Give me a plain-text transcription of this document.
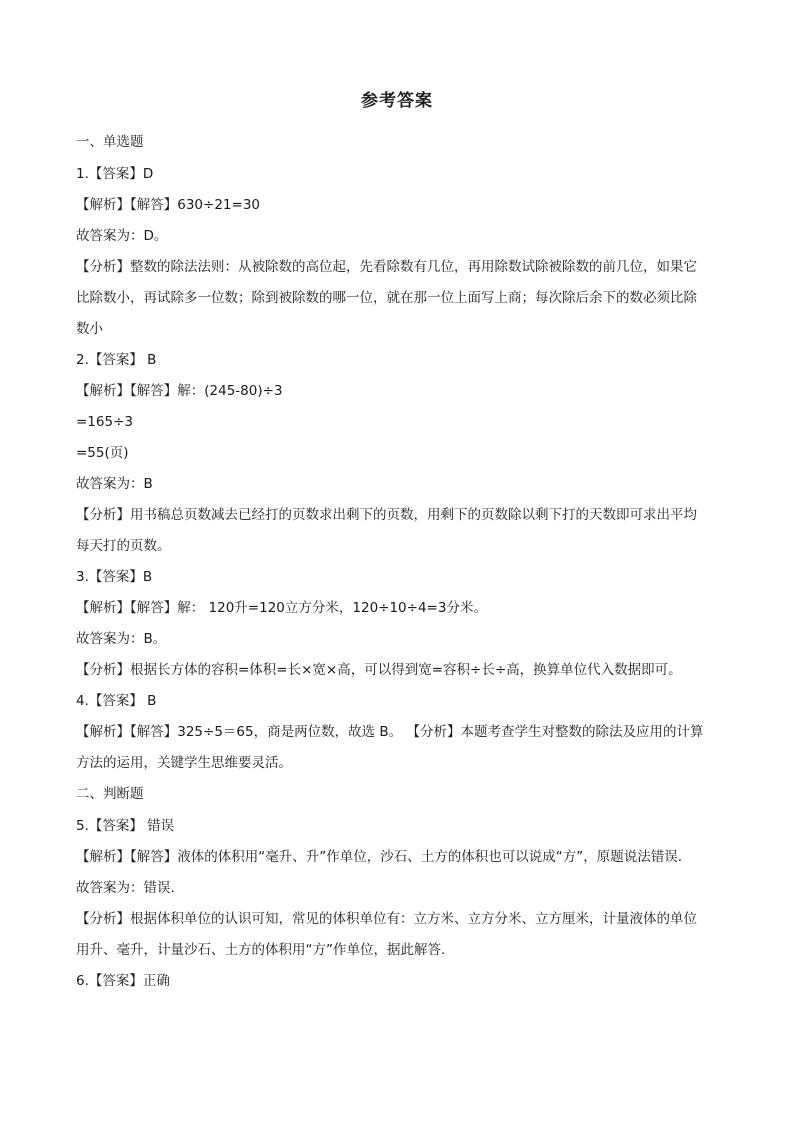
参考答案
一、单选题
1.【答案】D
【解析】【解答】630÷21=30
故答案为：D。
【分析】整数的除法法则：从被除数的高位起，先看除数有几位，再用除数试除被除数的前几位，如果它
比除数小，再试除多一位数；除到被除数的哪一位，就在那一位上面写上商；每次除后余下的数必须比除
数小
2.【答案】 B
【解析】【解答】解：(245-80)÷3
=165÷3
=55(页)
故答案为：B
【分析】用书稿总页数减去已经打的页数求出剩下的页数，用剩下的页数除以剩下打的天数即可求出平均
每天打的页数。
3.【答案】B
【解析】【解答】解： 120升=120立方分米，120÷10÷4=3分米。
故答案为：B。
【分析】根据长方体的容积=体积=长×宽×高，可以得到宽=容积÷长÷高，换算单位代入数据即可。
4.【答案】 B
【解析】【解答】325÷5＝65，商是两位数，故选 B。 【分析】本题考查学生对整数的除法及应用的计算
方法的运用，关键学生思维要灵活。
二、判断题
5.【答案】 错误
【解析】【解答】液体的体积用“毫升、升”作单位，沙石、土方的体积也可以说成“方”，原题说法错误.
故答案为：错误.
【分析】根据体积单位的认识可知，常见的体积单位有：立方米、立方分米、立方厘米，计量液体的单位
用升、毫升，计量沙石、土方的体积用“方”作单位，据此解答.
6.【答案】正确
